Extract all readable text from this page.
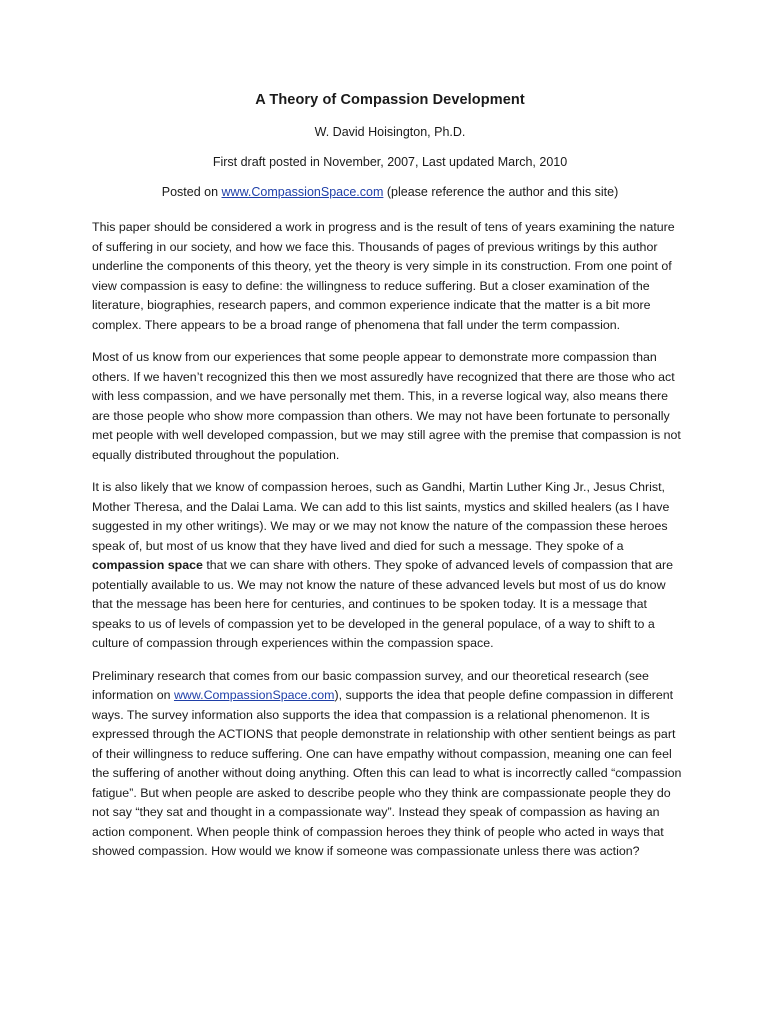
A Theory of Compassion Development
W. David Hoisington, Ph.D.
First draft posted in November, 2007, Last updated March, 2010
Posted on www.CompassionSpace.com (please reference the author and this site)

This paper should be considered a work in progress and is the result of tens of years examining the nature of suffering in our society, and how we face this. Thousands of pages of previous writings by this author underline the components of this theory, yet the theory is very simple in its construction. From one point of view compassion is easy to define: the willingness to reduce suffering. But a closer examination of the literature, biographies, research papers, and common experience indicate that the matter is a bit more complex. There appears to be a broad range of phenomena that fall under the term compassion.

Most of us know from our experiences that some people appear to demonstrate more compassion than others. If we haven’t recognized this then we most assuredly have recognized that there are those who act with less compassion, and we have personally met them. This, in a reverse logical way, also means there are those people who show more compassion than others. We may not have been fortunate to personally met people with well developed compassion, but we may still agree with the premise that compassion is not equally distributed throughout the population.

It is also likely that we know of compassion heroes, such as Gandhi, Martin Luther King Jr., Jesus Christ, Mother Theresa, and the Dalai Lama. We can add to this list saints, mystics and skilled healers (as I have suggested in my other writings). We may or we may not know the nature of the compassion these heroes speak of, but most of us know that they have lived and died for such a message. They spoke of a compassion space that we can share with others. They spoke of advanced levels of compassion that are potentially available to us. We may not know the nature of these advanced levels but most of us do know that the message has been here for centuries, and continues to be spoken today. It is a message that speaks to us of levels of compassion yet to be developed in the general populace, of a way to shift to a culture of compassion through experiences within the compassion space.

Preliminary research that comes from our basic compassion survey, and our theoretical research (see information on www.CompassionSpace.com), supports the idea that people define compassion in different ways. The survey information also supports the idea that compassion is a relational phenomenon. It is expressed through the ACTIONS that people demonstrate in relationship with other sentient beings as part of their willingness to reduce suffering. One can have empathy without compassion, meaning one can feel the suffering of another without doing anything. Often this can lead to what is incorrectly called “compassion fatigue”. But when people are asked to describe people who they think are compassionate people they do not say “they sat and thought in a compassionate way”. Instead they speak of compassion as having an action component. When people think of compassion heroes they think of people who acted in ways that showed compassion. How would we know if someone was compassionate unless there was action?
